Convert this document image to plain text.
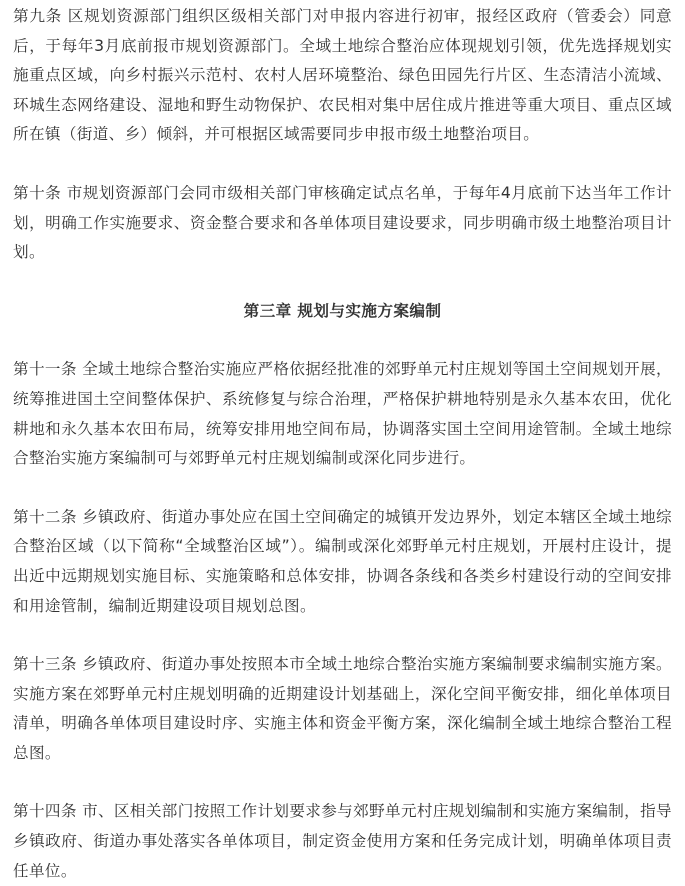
第九条 区规划资源部门组织区级相关部门对申报内容进行初审，报经区政府（管委会）同意后，于每年3月底前报市规划资源部门。全域土地综合整治应体现规划引领，优先选择规划实施重点区域，向乡村振兴示范村、农村人居环境整治、绿色田园先行片区、生态清洁小流域、环城生态网络建设、湿地和野生动物保护、农民相对集中居住成片推进等重大项目、重点区域所在镇（街道、乡）倾斜，并可根据区域需要同步申报市级土地整治项目。

第十条 市规划资源部门会同市级相关部门审核确定试点名单，于每年4月底前下达当年工作计划，明确工作实施要求、资金整合要求和各单体项目建设要求，同步明确市级土地整治项目计划。

第三章 规划与实施方案编制

第十一条 全域土地综合整治实施应严格依据经批准的郊野单元村庄规划等国土空间规划开展，统筹推进国土空间整体保护、系统修复与综合治理，严格保护耕地特别是永久基本农田，优化耕地和永久基本农田布局，统筹安排用地空间布局，协调落实国土空间用途管制。全域土地综合整治实施方案编制可与郊野单元村庄规划编制或深化同步进行。

第十二条 乡镇政府、街道办事处应在国土空间确定的城镇开发边界外，划定本辖区全域土地综合整治区域（以下简称“全域整治区域”）。编制或深化郊野单元村庄规划，开展村庄设计，提出近中远期规划实施目标、实施策略和总体安排，协调各条线和各类乡村建设行动的空间安排和用途管制，编制近期建设项目规划总图。

第十三条 乡镇政府、街道办事处按照本市全域土地综合整治实施方案编制要求编制实施方案。实施方案在郊野单元村庄规划明确的近期建设计划基础上，深化空间平衡安排，细化单体项目清单，明确各单体项目建设时序、实施主体和资金平衡方案，深化编制全域土地综合整治工程总图。

第十四条 市、区相关部门按照工作计划要求参与郊野单元村庄规划编制和实施方案编制，指导乡镇政府、街道办事处落实各单体项目，制定资金使用方案和任务完成计划，明确单体项目责任单位。
